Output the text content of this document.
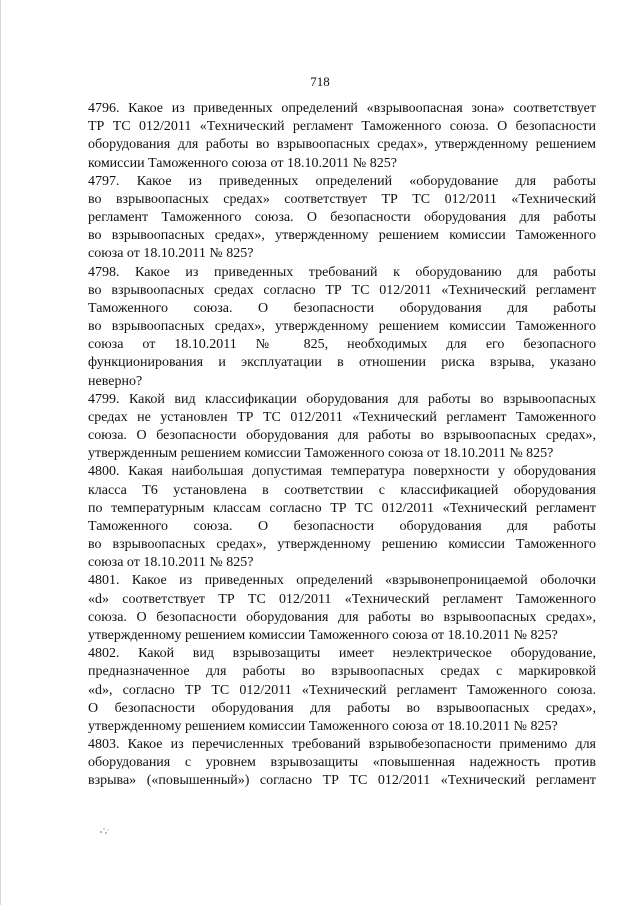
718
4796. Какое из приведенных определений «взрывоопасная зона» соответствует
ТР ТС 012/2011 «Технический регламент Таможенного союза. О безопасности
оборудования для работы во взрывоопасных средах», утвержденному решением
комиссии Таможенного союза от 18.10.2011 № 825?
4797. Какое из приведенных определений «оборудование для работы
во взрывоопасных средах» соответствует ТР ТС 012/2011 «Технический
регламент Таможенного союза. О безопасности оборудования для работы
во взрывоопасных средах», утвержденному решением комиссии Таможенного
союза от 18.10.2011 № 825?
4798. Какое из приведенных требований к оборудованию для работы
во взрывоопасных средах согласно ТР ТС 012/2011 «Технический регламент
Таможенного союза. О безопасности оборудования для работы
во взрывоопасных средах», утвержденному решением комиссии Таможенного
союза от 18.10.2011 № 825, необходимых для его безопасного
функционирования и эксплуатации в отношении риска взрыва, указано
неверно?
4799. Какой вид классификации оборудования для работы во взрывоопасных
средах не установлен ТР ТС 012/2011 «Технический регламент Таможенного
союза. О безопасности оборудования для работы во взрывоопасных средах»,
утвержденным решением комиссии Таможенного союза от 18.10.2011 № 825?
4800. Какая наибольшая допустимая температура поверхности у оборудования
класса Т6 установлена в соответствии с классификацией оборудования
по температурным классам согласно ТР ТС 012/2011 «Технический регламент
Таможенного союза. О безопасности оборудования для работы
во взрывоопасных средах», утвержденному решению комиссии Таможенного
союза от 18.10.2011 № 825?
4801. Какое из приведенных определений «взрывонепроницаемой оболочки
«d» соответствует ТР ТС 012/2011 «Технический регламент Таможенного
союза. О безопасности оборудования для работы во взрывоопасных средах»,
утвержденному решением комиссии Таможенного союза от 18.10.2011 № 825?
4802. Какой вид взрывозащиты имеет неэлектрическое оборудование,
предназначенное для работы во взрывоопасных средах с маркировкой
«d», согласно ТР ТС 012/2011 «Технический регламент Таможенного союза.
О безопасности оборудования для работы во взрывоопасных средах»,
утвержденному решением комиссии Таможенного союза от 18.10.2011 № 825?
4803. Какое из перечисленных требований взрывобезопасности применимо для
оборудования с уровнем взрывозащиты «повышенная надежность против
взрыва» («повышенный») согласно ТР ТС 012/2011 «Технический регламент
